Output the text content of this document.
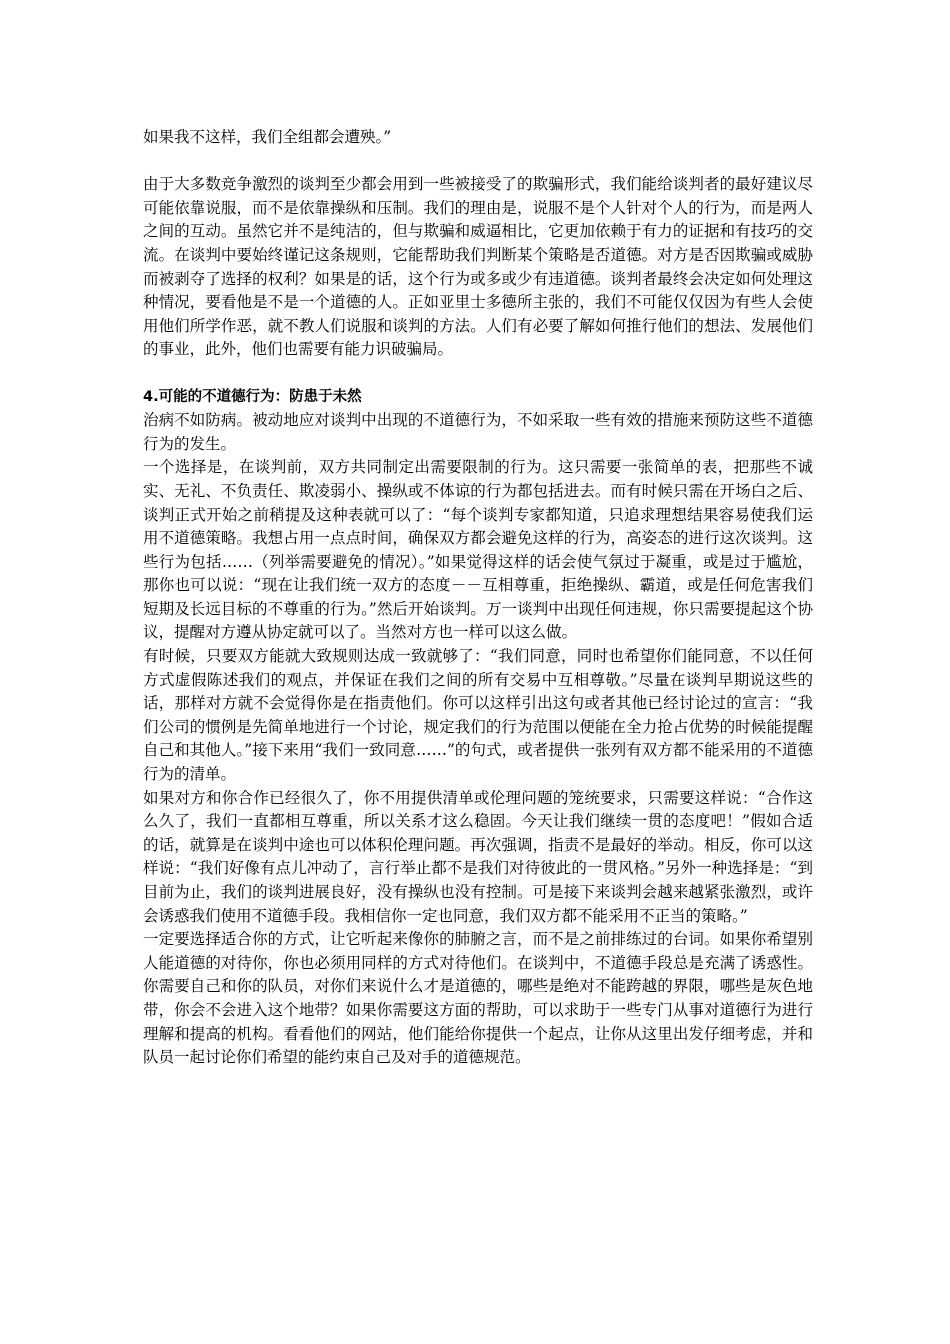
如果我不这样，我们全组都会遭殃。”

由于大多数竞争激烈的谈判至少都会用到一些被接受了的欺骗形式，我们能给谈判者的最好建议尽可能依靠说服，而不是依靠操纵和压制。我们的理由是，说服不是个人针对个人的行为，而是两人之间的互动。虽然它并不是纯洁的，但与欺骗和威逼相比，它更加依赖于有力的证据和有技巧的交流。在谈判中要始终谨记这条规则，它能帮助我们判断某个策略是否道德。对方是否因欺骗或威胁而被剥夺了选择的权利？如果是的话，这个行为或多或少有违道德。谈判者最终会决定如何处理这种情况，要看他是不是一个道德的人。正如亚里士多德所主张的，我们不可能仅仅因为有些人会使用他们所学作恶，就不教人们说服和谈判的方法。人们有必要了解如何推行他们的想法、发展他们的事业，此外，他们也需要有能力识破骗局。

4.可能的不道德行为：防患于未然

治病不如防病。被动地应对谈判中出现的不道德行为，不如采取一些有效的措施来预防这些不道德行为的发生。

一个选择是，在谈判前，双方共同制定出需要限制的行为。这只需要一张简单的表，把那些不诚实、无礼、不负责任、欺凌弱小、操纵或不体谅的行为都包括进去。而有时候只需在开场白之后、谈判正式开始之前稍提及这种表就可以了：“每个谈判专家都知道，只追求理想结果容易使我们运用不道德策略。我想占用一点点时间，确保双方都会避免这样的行为，高姿态的进行这次谈判。这些行为包括……（列举需要避免的情况）。”如果觉得这样的话会使气氛过于凝重，或是过于尴尬，那你也可以说：“现在让我们统一双方的态度－－互相尊重，拒绝操纵、霸道，或是任何危害我们短期及长远目标的不尊重的行为。”然后开始谈判。万一谈判中出现任何违规，你只需要提起这个协议，提醒对方遵从协定就可以了。当然对方也一样可以这么做。

有时候，只要双方能就大致规则达成一致就够了：“我们同意，同时也希望你们能同意，不以任何方式虚假陈述我们的观点，并保证在我们之间的所有交易中互相尊敬。”尽量在谈判早期说这些的话，那样对方就不会觉得你是在指责他们。你可以这样引出这句或者其他已经讨论过的宣言：“我们公司的惯例是先简单地进行一个讨论，规定我们的行为范围以便能在全力抢占优势的时候能提醒自己和其他人。”接下来用“我们一致同意……”的句式，或者提供一张列有双方都不能采用的不道德行为的清单。

如果对方和你合作已经很久了，你不用提供清单或伦理问题的笼统要求，只需要这样说：“合作这么久了，我们一直都相互尊重，所以关系才这么稳固。今天让我们继续一贯的态度吧！”假如合适的话，就算是在谈判中途也可以体积伦理问题。再次强调，指责不是最好的举动。相反，你可以这样说：“我们好像有点儿冲动了，言行举止都不是我们对待彼此的一贯风格。”另外一种选择是：“到目前为止，我们的谈判进展良好，没有操纵也没有控制。可是接下来谈判会越来越紧张激烈，或许会诱惑我们使用不道德手段。我相信你一定也同意，我们双方都不能采用不正当的策略。”

一定要选择适合你的方式，让它听起来像你的肺腑之言，而不是之前排练过的台词。如果你希望别人能道德的对待你，你也必须用同样的方式对待他们。在谈判中，不道德手段总是充满了诱惑性。你需要自己和你的队员，对你们来说什么才是道德的，哪些是绝对不能跨越的界限，哪些是灰色地带，你会不会进入这个地带？如果你需要这方面的帮助，可以求助于一些专门从事对道德行为进行理解和提高的机构。看看他们的网站，他们能给你提供一个起点，让你从这里出发仔细考虑，并和队员一起讨论你们希望的能约束自己及对手的道德规范。
